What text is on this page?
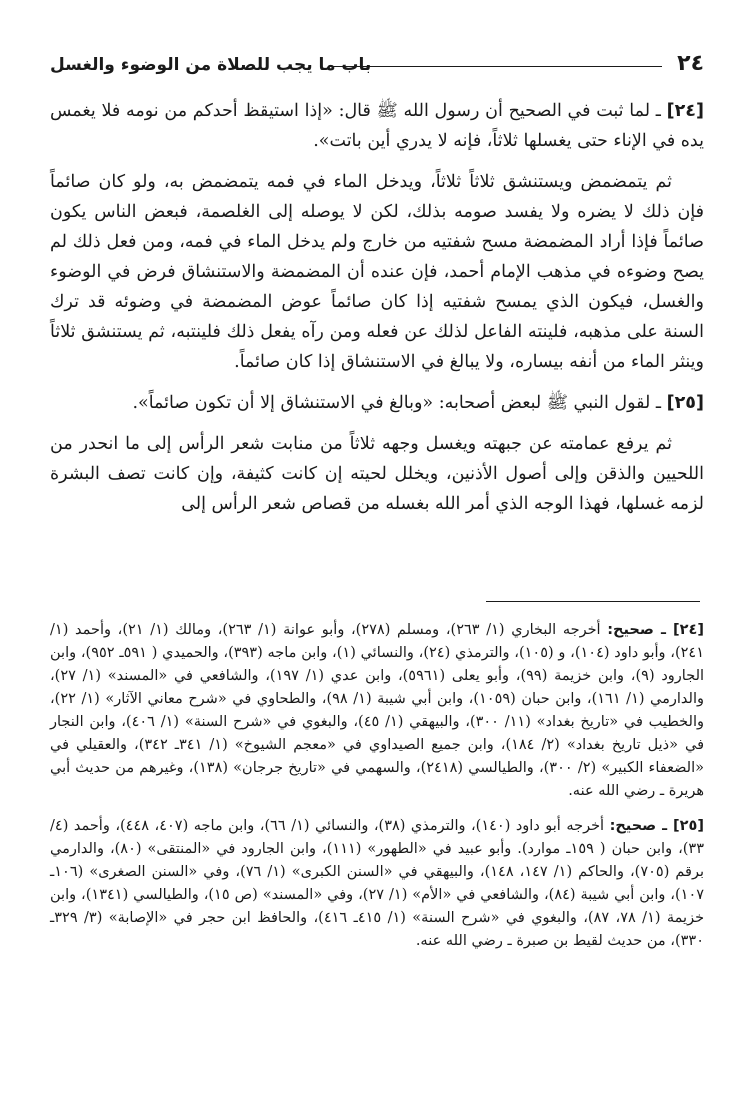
٢٤
باب ما يجب للصلاة من الوضوء والغسل

[٢٤] ـ لما ثبت في الصحيح أن رسول الله ﷺ قال: «إذا استيقظ أحدكم من نومه فلا يغمس يده في الإناء حتى يغسلها ثلاثاً، فإنه لا يدري أين باتت».

ثم يتمضمض ويستنشق ثلاثاً ثلاثاً، ويدخل الماء في فمه يتمضمض به، ولو كان صائماً فإن ذلك لا يضره ولا يفسد صومه بذلك، لكن لا يوصله إلى الغلصمة، فبعض الناس يكون صائماً فإذا أراد المضمضة مسح شفتيه من خارج ولم يدخل الماء في فمه، ومن فعل ذلك لم يصح وضوءه في مذهب الإمام أحمد، فإن عنده أن المضمضة والاستنشاق فرض في الوضوء والغسل، فيكون الذي يمسح شفتيه إذا كان صائماً عوض المضمضة في وضوئه قد ترك السنة على مذهبه، فلينته الفاعل لذلك عن فعله ومن رآه يفعل ذلك فلينتبه، ثم يستنشق ثلاثاً وينثر الماء من أنفه بيساره، ولا يبالغ في الاستنشاق إذا كان صائماً.

[٢٥] ـ لقول النبي ﷺ لبعض أصحابه: «وبالغ في الاستنشاق إلا أن تكون صائماً».

ثم يرفع عمامته عن جبهته ويغسل وجهه ثلاثاً من منابت شعر الرأس إلى ما انحدر من اللحيين والذقن وإلى أصول الأذنين، ويخلل لحيته إن كانت كثيفة، وإن كانت تصف البشرة لزمه غسلها، فهذا الوجه الذي أمر الله بغسله من قصاص شعر الرأس إلى

[٢٤] ـ صحيح: أخرجه البخاري (١/ ٢٦٣)، ومسلم (٢٧٨)، وأبو عوانة (١/ ٢٦٣)، ومالك (١/ ٢١)، وأحمد (١/ ٢٤١)، وأبو داود (١٠٤)، و (١٠٥)، والترمذي (٢٤)، والنسائي (١)، وابن ماجه (٣٩٣)، والحميدي ( ٥٩١ـ ٩٥٢)، وابن الجارود (٩)، وابن خزيمة (٩٩)، وأبو يعلى (٥٩٦١)، وابن عدي (١/ ١٩٧)، والشافعي في «المسند» (١/ ٢٧)، والدارمي (١/ ١٦١)، وابن حبان (١٠٥٩)، وابن أبي شيبة (١/ ٩٨)، والطحاوي في «شرح معاني الآثار» (١/ ٢٢)، والخطيب في «تاريخ بغداد» (١١/ ٣٠٠)، والبيهقي (١/ ٤٥)، والبغوي في «شرح السنة» (١/ ٤٠٦)، وابن النجار في «ذيل تاريخ بغداد» (٢/ ١٨٤)، وابن جميع الصيداوي في «معجم الشيوخ» (١/ ٣٤١ـ ٣٤٢)، والعقيلي في «الضعفاء الكبير» (٢/ ٣٠٠)، والطيالسي (٢٤١٨)، والسهمي في «تاريخ جرجان» (١٣٨)، وغيرهم من حديث أبي هريرة ـ رضي الله عنه.

[٢٥] ـ صحيح: أخرجه أبو داود (١٤٠)، والترمذي (٣٨)، والنسائي (١/ ٦٦)، وابن ماجه (٤٠٧، ٤٤٨)، وأحمد (٤/ ٣٣)، وابن حبان ( ١٥٩ـ موارد). وأبو عبيد في «الطهور» (١١١)، وابن الجارود في «المنتقى» (٨٠)، والدارمي برقم (٧٠٥)، والحاكم (١/ ١٤٧، ١٤٨)، والبيهقي في «السنن الكبرى» (١/ ٧٦)، وفي «السنن الصغرى» (١٠٦ـ ١٠٧)، وابن أبي شيبة (٨٤)، والشافعي في «الأم» (١/ ٢٧)، وفي «المسند» (ص ١٥)، والطيالسي (١٣٤١)، وابن خزيمة (١/ ٧٨، ٨٧)، والبغوي في «شرح السنة» (١/ ٤١٥ـ ٤١٦)، والحافظ ابن حجر في «الإصابة» (٣/ ٣٢٩ـ ٣٣٠)، من حديث لقيط بن صبرة ـ رضي الله عنه.
